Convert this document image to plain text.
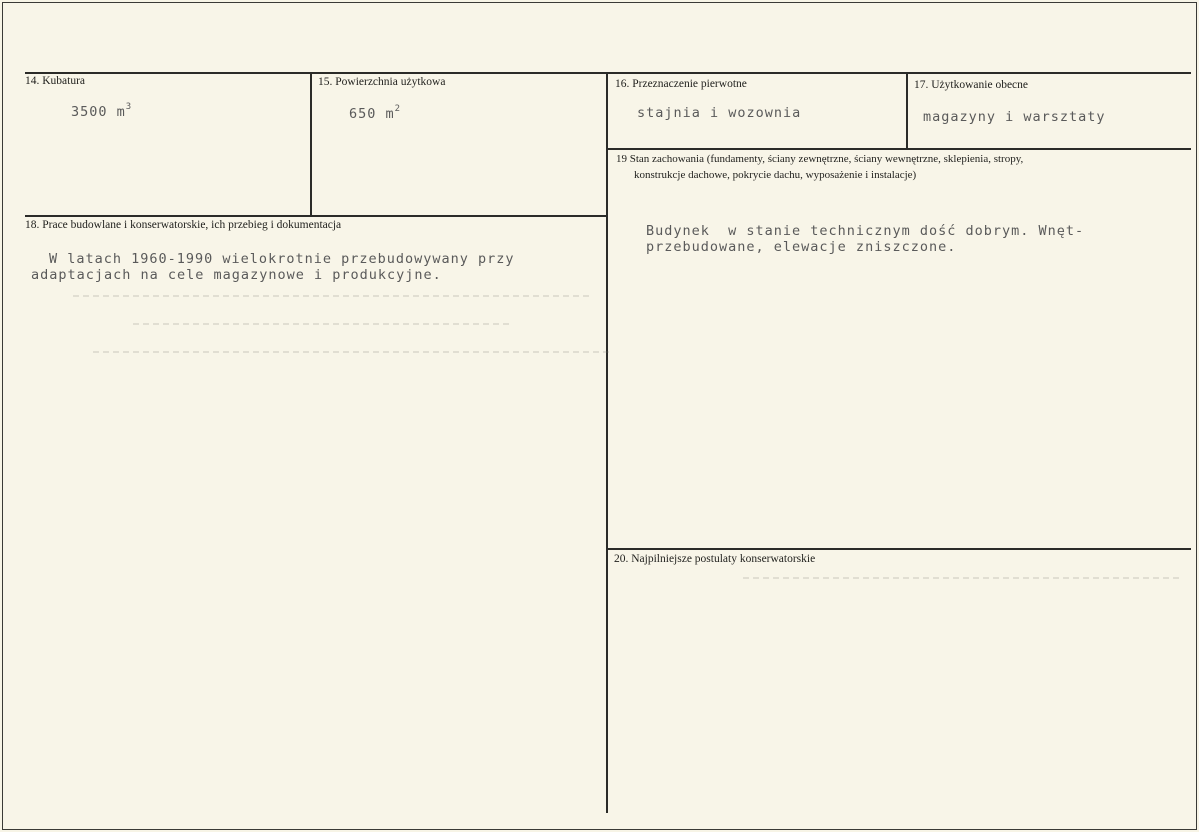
14. Kubatura
3500 $m^3$
15. Powierzchnia użytkowa
650 $m^2$
16. Przeznaczenie pierwotne
stajnia i wozownia
17. Użytkowanie obecne
magazyny i warsztaty
18. Prace budowlane i konserwatorskie, ich przebieg i dokumentacja
W latach 1960-1990 wielokrotnie przebudowywany przy
adaptacjach na cele magazynowe i produkcyjne.
19 Stan zachowania (fundamenty, ściany zewnętrzne, ściany wewnętrzne, sklepienia, stropy,
konstrukcje dachowe, pokrycie dachu, wyposażenie i instalacje)
Budynek  w stanie technicznym dość dobrym. Wnęt-
przebudowane, elewacje zniszczone.
20. Najpilniejsze postulaty konserwatorskie
